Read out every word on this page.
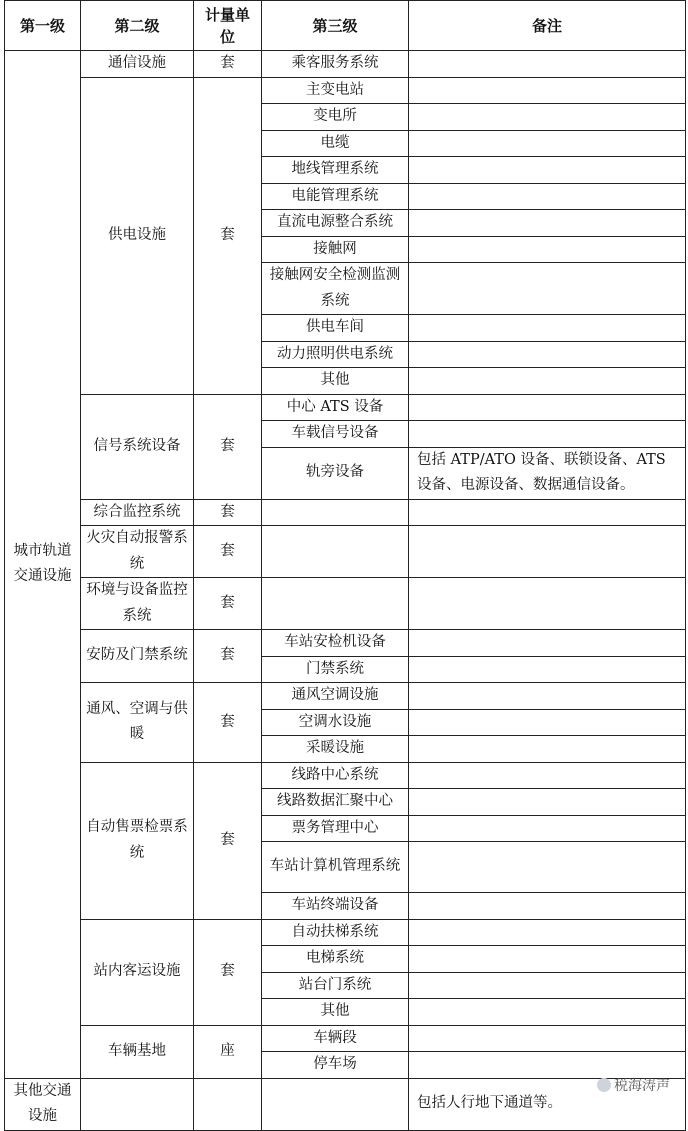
第一级	第二级	计量单位	第三级	备注
城市轨道交通设施	通信设施	套	乘客服务系统	
	供电设施	套	主变电站	
			变电所	
			电缆	
			地线管理系统	
			电能管理系统	
			直流电源整合系统	
			接触网	
			接触网安全检测监测系统	
			供电车间	
			动力照明供电系统	
			其他	
	信号系统设备	套	中心 ATS 设备	
			车载信号设备	
			轨旁设备	包括 ATP/ATO 设备、联锁设备、ATS 设备、电源设备、数据通信设备。
	综合监控系统	套		
	火灾自动报警系统	套		
	环境与设备监控系统	套		
	安防及门禁系统	套	车站安检机设备	
			门禁系统	
	通风、空调与供暖	套	通风空调设施	
			空调水设施	
			采暖设施	
	自动售票检票系统	套	线路中心系统	
			线路数据汇聚中心	
			票务管理中心	
			车站计算机管理系统	
			车站终端设备	
	站内客运设施	套	自动扶梯系统	
			电梯系统	
			站台门系统	
			其他	
	车辆基地	座	车辆段	
			停车场	
其他交通设施				包括人行地下通道等。
税海涛声
